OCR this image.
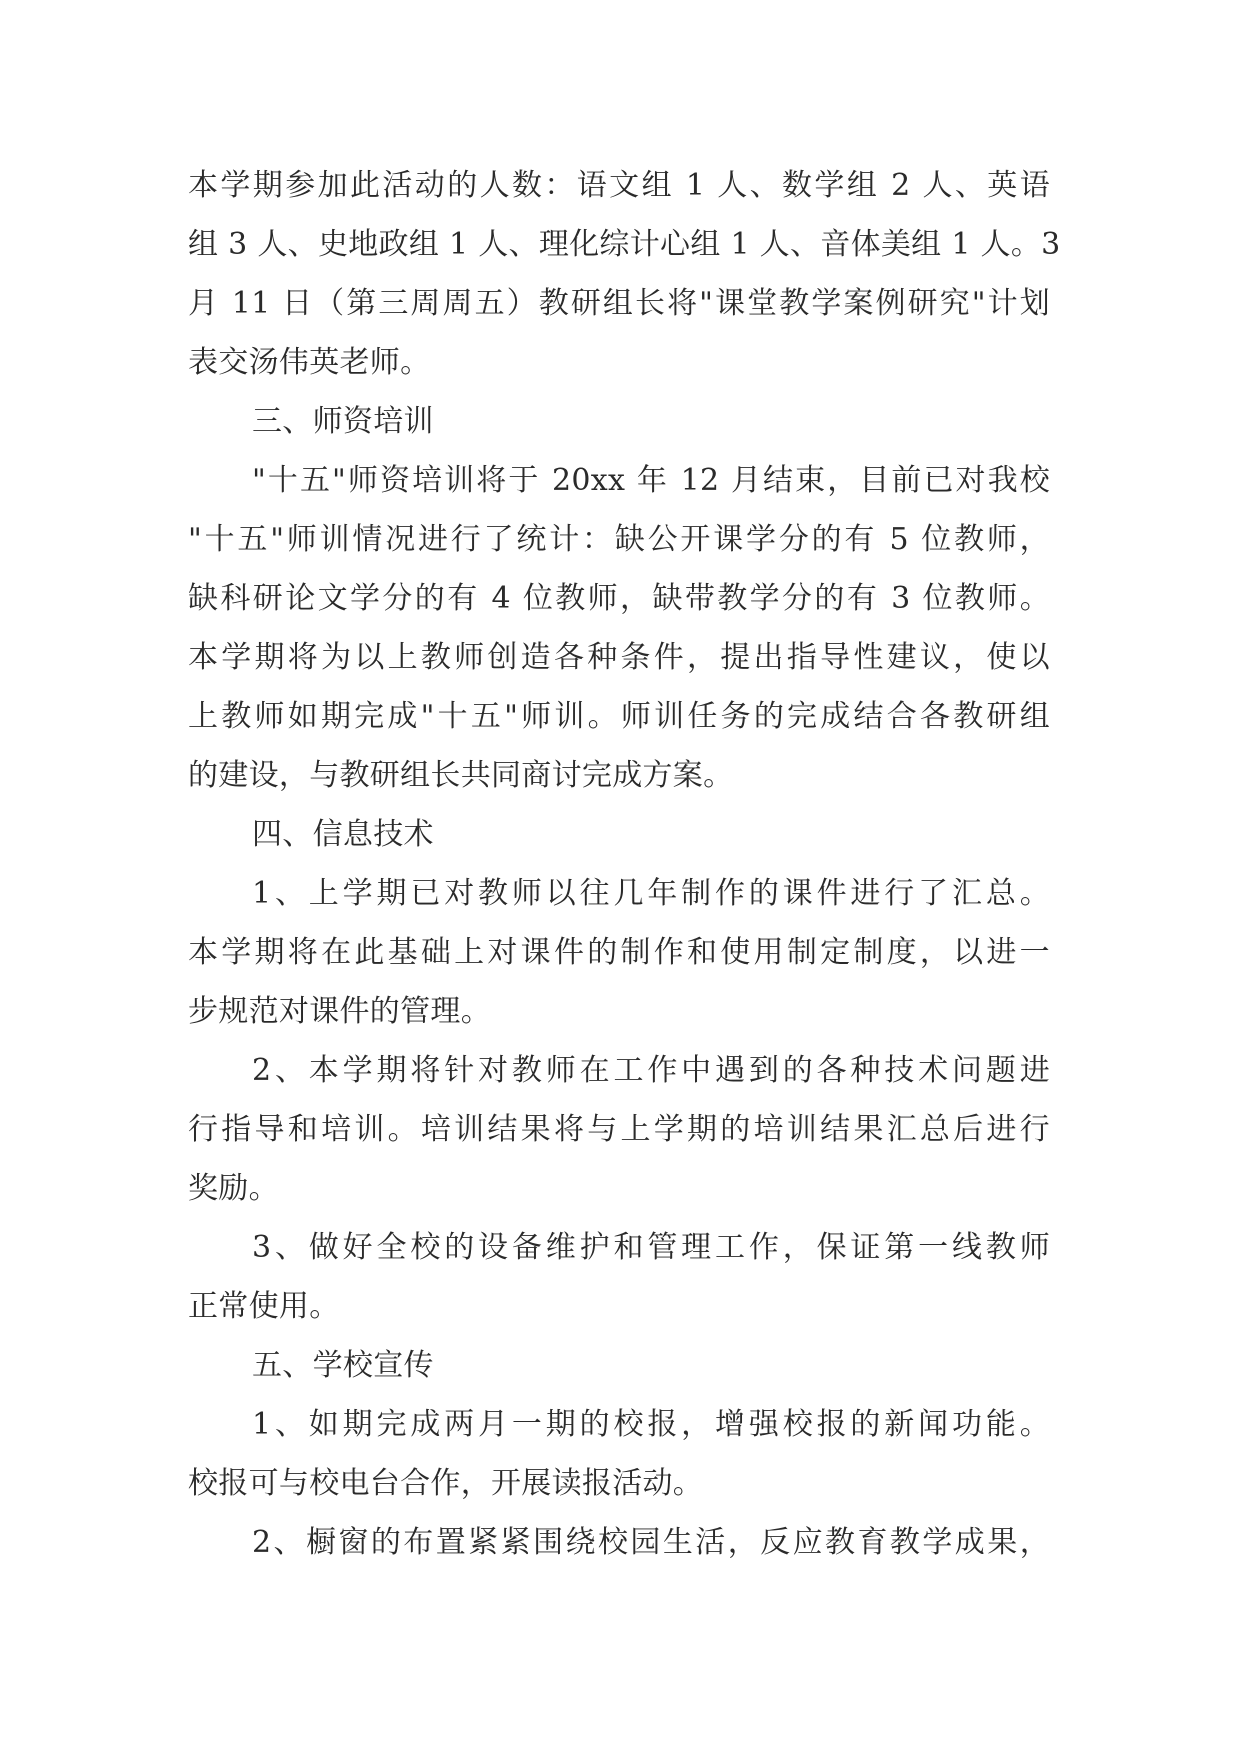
本学期参加此活动的人数：语文组 1 人、数学组 2 人、英语
组 3 人、史地政组 1 人、理化综计心组 1 人、音体美组 1 人。3
月 11 日（第三周周五）教研组长将"课堂教学案例研究"计划
表交汤伟英老师。
三、师资培训
"十五"师资培训将于 20xx 年 12 月结束，目前已对我校
"十五"师训情况进行了统计：缺公开课学分的有 5 位教师，
缺科研论文学分的有 4 位教师，缺带教学分的有 3 位教师。
本学期将为以上教师创造各种条件，提出指导性建议，使以
上教师如期完成"十五"师训。师训任务的完成结合各教研组
的建设，与教研组长共同商讨完成方案。
四、信息技术
1、上学期已对教师以往几年制作的课件进行了汇总。
本学期将在此基础上对课件的制作和使用制定制度，以进一
步规范对课件的管理。
2、本学期将针对教师在工作中遇到的各种技术问题进
行指导和培训。培训结果将与上学期的培训结果汇总后进行
奖励。
3、做好全校的设备维护和管理工作，保证第一线教师
正常使用。
五、学校宣传
1、如期完成两月一期的校报，增强校报的新闻功能。
校报可与校电台合作，开展读报活动。
2、橱窗的布置紧紧围绕校园生活，反应教育教学成果，
